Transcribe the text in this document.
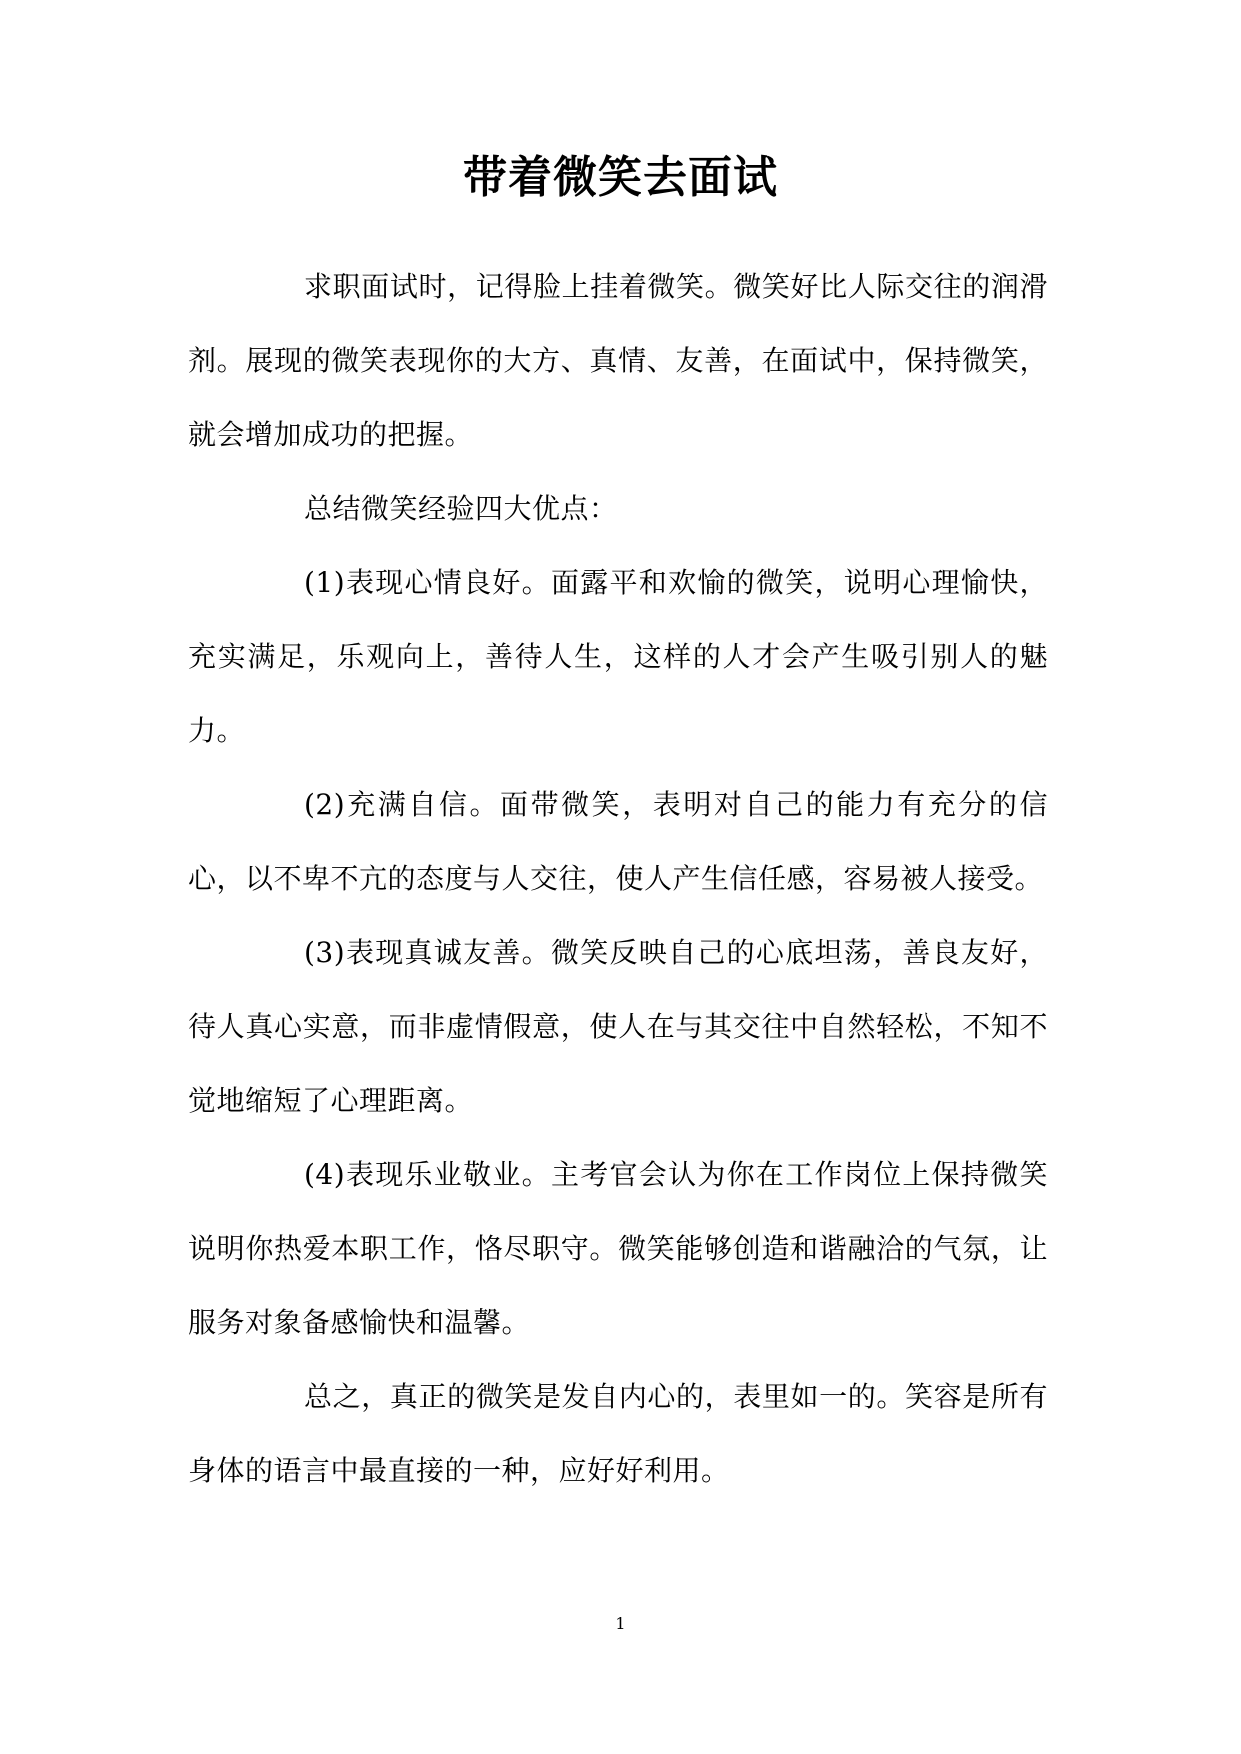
带着微笑去面试

求职面试时，记得脸上挂着微笑。微笑好比人际交往的润滑剂。展现的微笑表现你的大方、真情、友善，在面试中，保持微笑，就会增加成功的把握。

总结微笑经验四大优点：

(1)表现心情良好。面露平和欢愉的微笑，说明心理愉快，充实满足，乐观向上，善待人生，这样的人才会产生吸引别人的魅力。

(2)充满自信。面带微笑，表明对自己的能力有充分的信心，以不卑不亢的态度与人交往，使人产生信任感，容易被人接受。

(3)表现真诚友善。微笑反映自己的心底坦荡，善良友好，待人真心实意，而非虚情假意，使人在与其交往中自然轻松，不知不觉地缩短了心理距离。

(4)表现乐业敬业。主考官会认为你在工作岗位上保持微笑说明你热爱本职工作，恪尽职守。微笑能够创造和谐融洽的气氛，让服务对象备感愉快和温馨。

总之，真正的微笑是发自内心的，表里如一的。笑容是所有身体的语言中最直接的一种，应好好利用。

1
